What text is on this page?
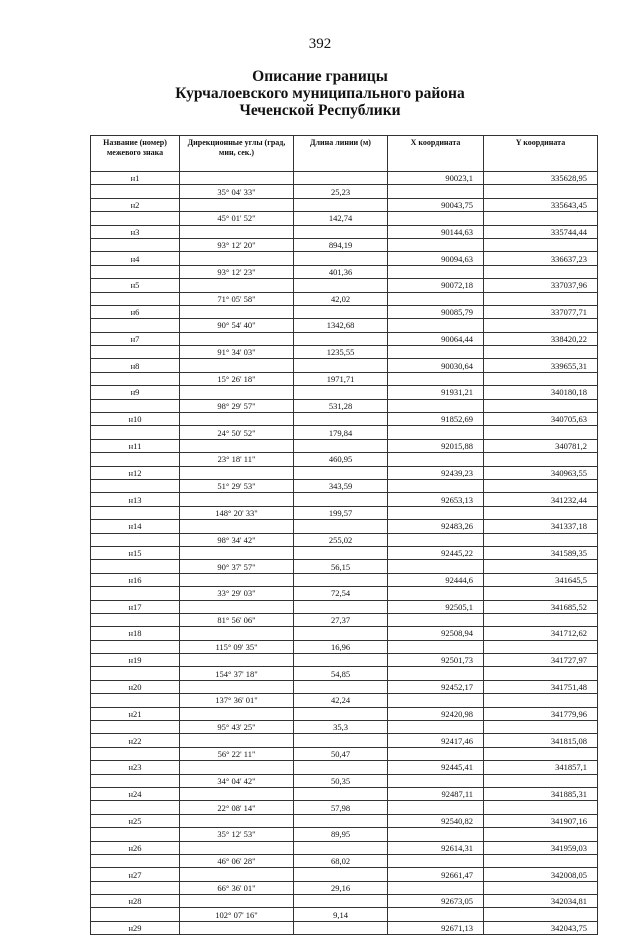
392
Описание границы
Курчалоевского муниципального района
Чеченской Республики
Название (номер) межевого знака	Дирекционные углы (град, мин, сек.)	Длина линии (м)	X координата	Y координата
н1			90023,1	335628,95
	35° 04' 33"	25,23		
н2			90043,75	335643,45
	45° 01' 52"	142,74		
н3			90144,63	335744,44
	93° 12' 20"	894,19		
н4			90094,63	336637,23
	93° 12' 23"	401,36		
н5			90072,18	337037,96
	71° 05' 58"	42,02		
н6			90085,79	337077,71
	90° 54' 40"	1342,68		
н7			90064,44	338420,22
	91° 34' 03"	1235,55		
н8			90030,64	339655,31
	15° 26' 18"	1971,71		
н9			91931,21	340180,18
	98° 29' 57"	531,28		
н10			91852,69	340705,63
	24° 50' 52"	179,84		
н11			92015,88	340781,2
	23° 18' 11"	460,95		
н12			92439,23	340963,55
	51° 29' 53"	343,59		
н13			92653,13	341232,44
	148° 20' 33"	199,57		
н14			92483,26	341337,18
	98° 34' 42"	255,02		
н15			92445,22	341589,35
	90° 37' 57"	56,15		
н16			92444,6	341645,5
	33° 29' 03"	72,54		
н17			92505,1	341685,52
	81° 56' 06"	27,37		
н18			92508,94	341712,62
	115° 09' 35"	16,96		
н19			92501,73	341727,97
	154° 37' 18"	54,85		
н20			92452,17	341751,48
	137° 36' 01"	42,24		
н21			92420,98	341779,96
	95° 43' 25"	35,3		
н22			92417,46	341815,08
	56° 22' 11"	50,47		
н23			92445,41	341857,1
	34° 04' 42"	50,35		
н24			92487,11	341885,31
	22° 08' 14"	57,98		
н25			92540,82	341907,16
	35° 12' 53"	89,95		
н26			92614,31	341959,03
	46° 06' 28"	68,02		
н27			92661,47	342008,05
	66° 36' 01"	29,16		
н28			92673,05	342034,81
	102° 07' 16"	9,14		
н29			92671,13	342043,75
